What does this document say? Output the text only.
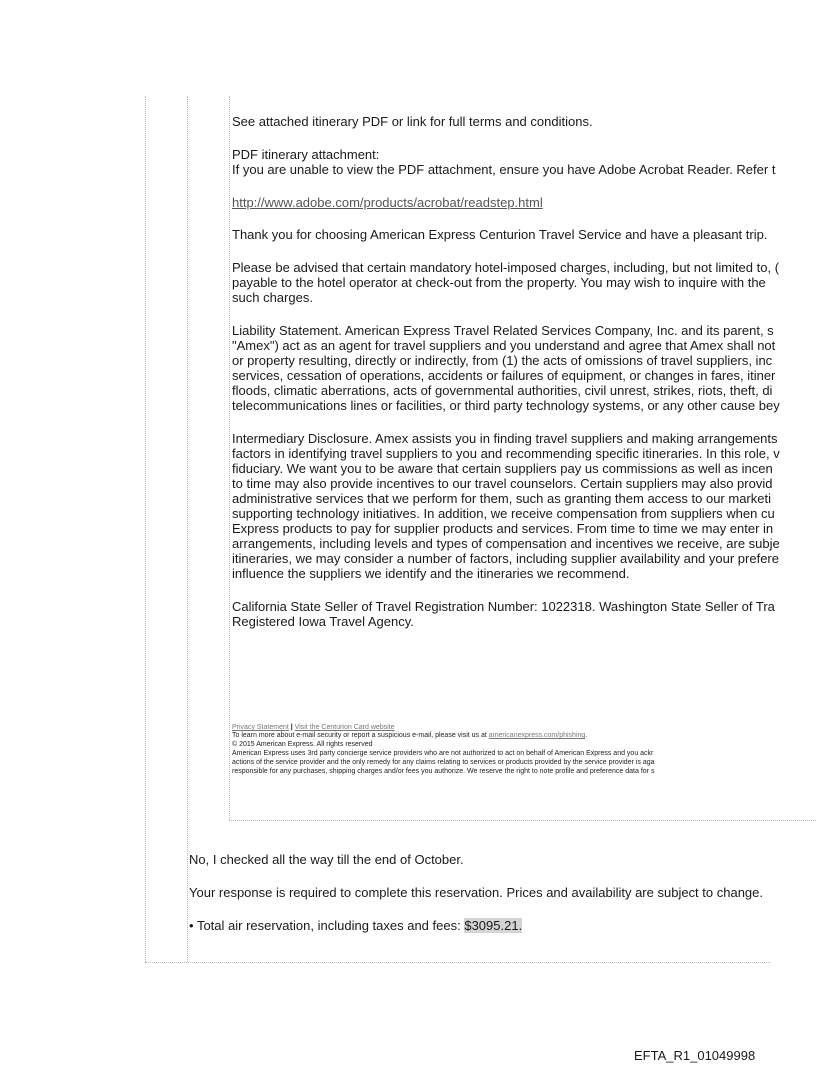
See attached itinerary PDF or link for full terms and conditions.
PDF itinerary attachment:
If you are unable to view the PDF attachment, ensure you have Adobe Acrobat Reader. Refer t
http://www.adobe.com/products/acrobat/readstep.html
Thank you for choosing American Express Centurion Travel Service and have a pleasant trip.
Please be advised that certain mandatory hotel-imposed charges, including, but not limited to, (
payable to the hotel operator at check-out from the property. You may wish to inquire with the
such charges.
Liability Statement. American Express Travel Related Services Company, Inc. and its parent, s
"Amex") act as an agent for travel suppliers and you understand and agree that Amex shall not
or property resulting, directly or indirectly, from (1) the acts of omissions of travel suppliers, inc
services, cessation of operations, accidents or failures of equipment, or changes in fares, itiner
floods, climatic aberrations, acts of governmental authorities, civil unrest, strikes, riots, theft, di
telecommunications lines or facilities, or third party technology systems, or any other cause bey
Intermediary Disclosure. Amex assists you in finding travel suppliers and making arrangements
factors in identifying travel suppliers to you and recommending specific itineraries. In this role, v
fiduciary. We want you to be aware that certain suppliers pay us commissions as well as incen
to time may also provide incentives to our travel counselors. Certain suppliers may also provid
administrative services that we perform for them, such as granting them access to our marketi
supporting technology initiatives. In addition, we receive compensation from suppliers when cu
Express products to pay for supplier products and services. From time to time we may enter in
arrangements, including levels and types of compensation and incentives we receive, are subje
itineraries, we may consider a number of factors, including supplier availability and your prefere
influence the suppliers we identify and the itineraries we recommend.
California State Seller of Travel Registration Number: 1022318. Washington State Seller of Tra
Registered Iowa Travel Agency.
Privacy Statement | Visit the Centurion Card website
To learn more about e-mail security or report a suspicious e-mail, please visit us at americanexpress.com/phishing.
© 2015 American Express. All rights reserved
American Express uses 3rd party concierge service providers who are not authorized to act on behalf of American Express and you ackr
actions of the service provider and the only remedy for any claims relating to services or products provided by the service provider is aga
responsible for any purchases, shipping charges and/or fees you authorize. We reserve the right to note profile and preference data for s
No, I checked all the way till the end of October.
Your response is required to complete this reservation. Prices and availability are subject to change.
• Total air reservation, including taxes and fees: $3095.21.
EFTA_R1_01049998
